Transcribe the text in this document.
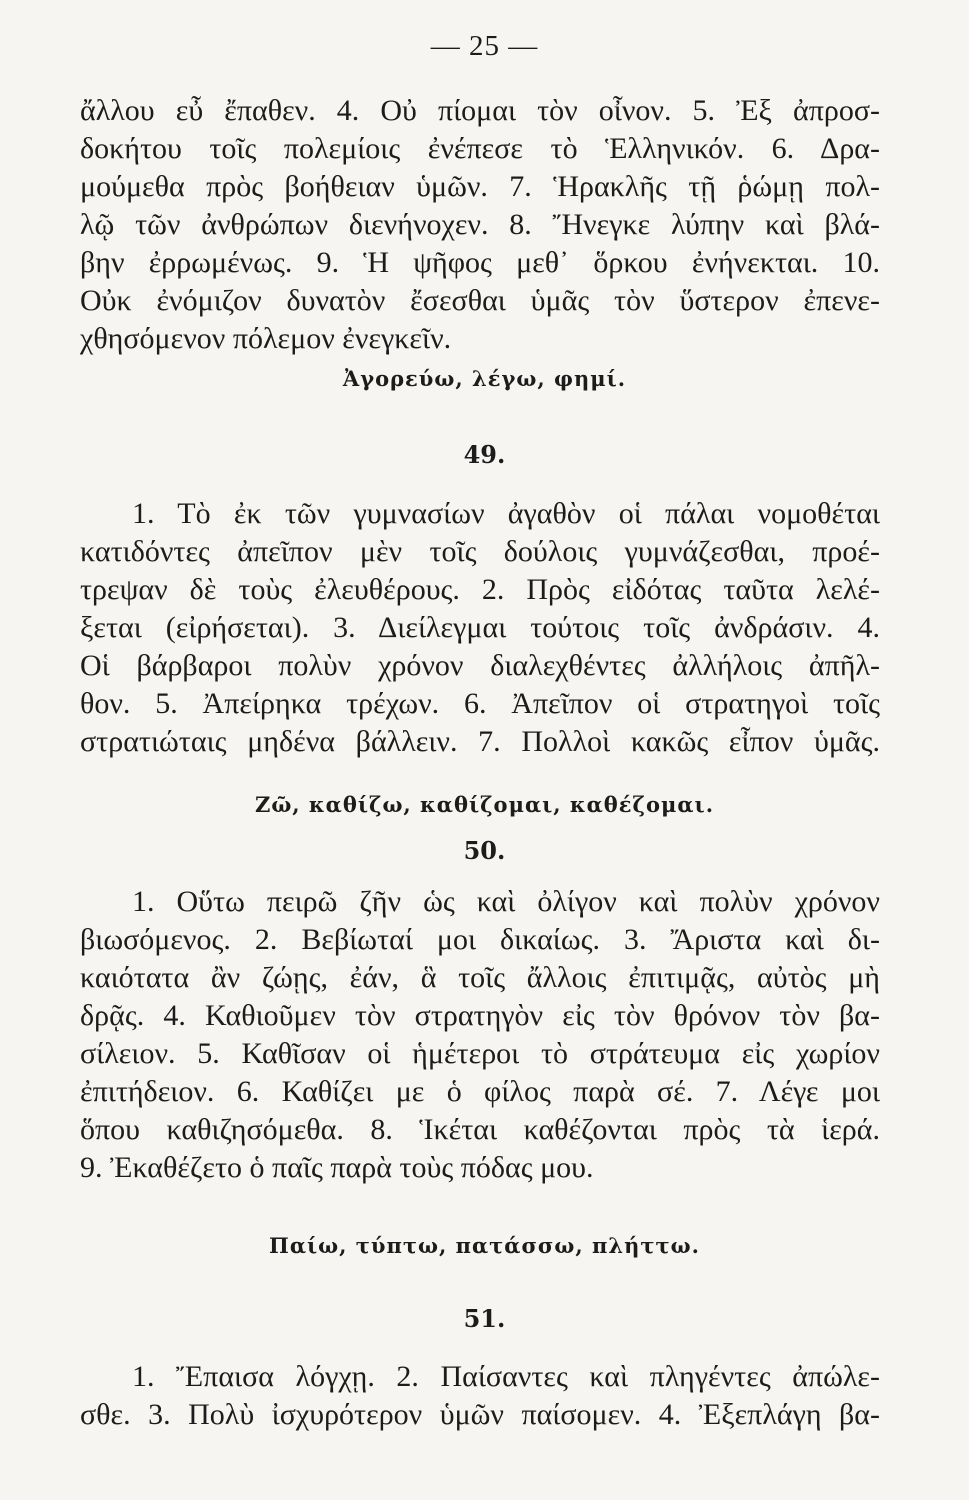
— 25 —
ἄλλου εὖ ἔπαθεν. 4. Οὐ πίομαι τὸν οἶνον. 5. Ἐξ ἀπροσ-
δοκήτου τοῖς πολεμίοις ἐνέπεσε τὸ Ἑλληνικόν. 6. Δρα-
μούμεθα πρὸς βοήθειαν ὑμῶν. 7. Ἡρακλῆς τῇ ῥώμῃ πολ-
λῷ τῶν ἀνθρώπων διενήνοχεν. 8. Ἤνεγκε λύπην καὶ βλά-
βην ἐρρωμένως. 9. Ἡ ψῆφος μεθ᾽ ὅρκου ἐνήνεκται. 10.
Οὐκ ἐνόμιζον δυνατὸν ἔσεσθαι ὑμᾶς τὸν ὕστερον ἐπενε-
χθησόμενον πόλεμον ἐνεγκεῖν.
Ἀγορεύω, λέγω, φημί.
49.
1. Τὸ ἐκ τῶν γυμνασίων ἀγαθὸν οἱ πάλαι νομοθέται
κατιδόντες ἀπεῖπον μὲν τοῖς δούλοις γυμνάζεσθαι, προέ-
τρεψαν δὲ τοὺς ἐλευθέρους. 2. Πρὸς εἰδότας ταῦτα λελέ-
ξεται (εἰρήσεται). 3. Διείλεγμαι τούτοις τοῖς ἀνδράσιν. 4.
Οἱ βάρβαροι πολὺν χρόνον διαλεχθέντες ἀλλήλοις ἀπῆλ-
θον. 5. Ἀπείρηκα τρέχων. 6. Ἀπεῖπον οἱ στρατηγοὶ τοῖς
στρατιώταις μηδένα βάλλειν. 7. Πολλοὶ κακῶς εἶπον ὑμᾶς.
Ζῶ, καθίζω, καθίζομαι, καθέζομαι.
50.
1. Οὕτω πειρῶ ζῆν ὡς καὶ ὀλίγον καὶ πολὺν χρόνον
βιωσόμενος. 2. Βεβίωταί μοι δικαίως. 3. Ἄριστα καὶ δι-
καιότατα ἂν ζώῃς, ἐάν, ἃ τοῖς ἄλλοις ἐπιτιμᾷς, αὐτὸς μὴ
δρᾷς. 4. Καθιοῦμεν τὸν στρατηγὸν εἰς τὸν θρόνον τὸν βα-
σίλειον. 5. Καθῖσαν οἱ ἡμέτεροι τὸ στράτευμα εἰς χωρίον
ἐπιτήδειον. 6. Καθίζει με ὁ φίλος παρὰ σέ. 7. Λέγε μοι
ὅπου καθιζησόμεθα. 8. Ἱκέται καθέζονται πρὸς τὰ ἱερά.
9. Ἐκαθέζετο ὁ παῖς παρὰ τοὺς πόδας μου.
Παίω, τύπτω, πατάσσω, πλήττω.
51.
1. Ἔπαισα λόγχῃ. 2. Παίσαντες καὶ πληγέντες ἀπώλε-
σθε. 3. Πολὺ ἰσχυρότερον ὑμῶν παίσομεν. 4. Ἐξεπλάγη βα-
